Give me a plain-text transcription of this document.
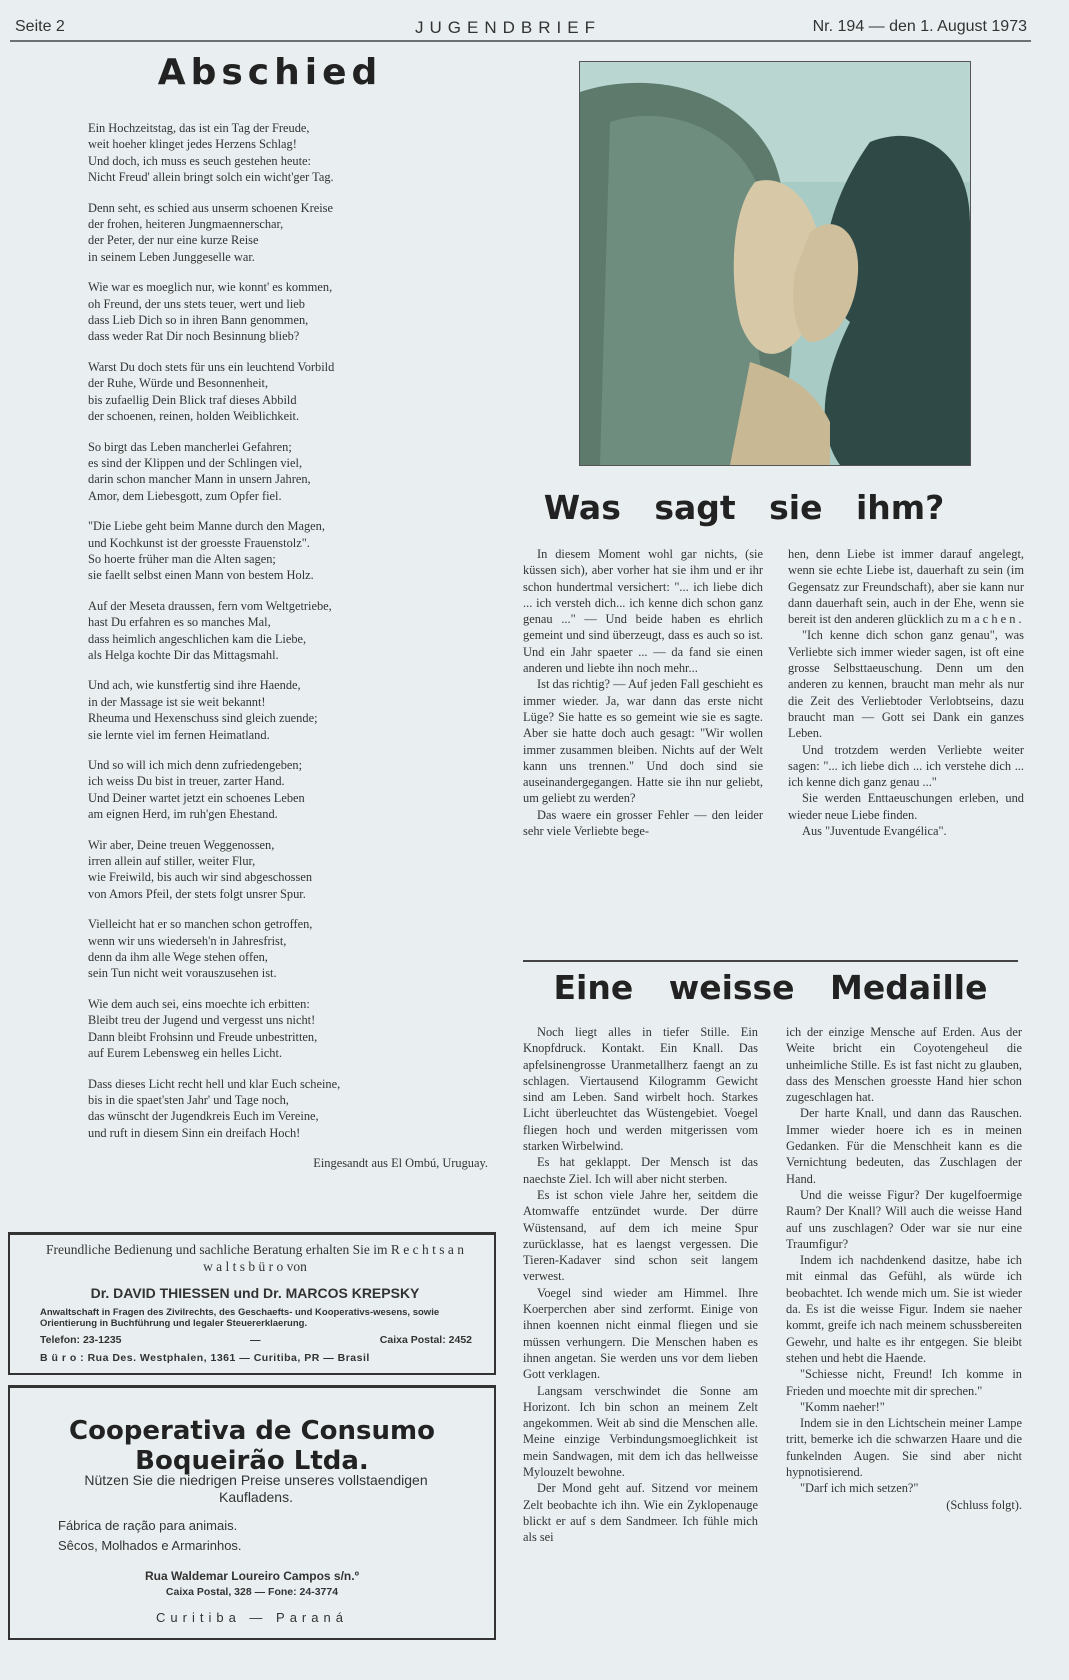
Seite 2	JUGENDBRIEF	Nr. 194 — den 1. August 1973
Abschied

Ein Hochzeitstag, das ist ein Tag der Freude,
weit hoeher klinget jedes Herzens Schlag!
Und doch, ich muss es seuch gestehen heute:
Nicht Freud' allein bringt solch ein wicht'ger Tag.

Denn seht, es schied aus unserm schoenen Kreise
der frohen, heiteren Jungmaennerschar,
der Peter, der nur eine kurze Reise
in seinem Leben Junggeselle war.

Wie war es moeglich nur, wie konnt' es kommen,
oh Freund, der uns stets teuer, wert und lieb
dass Lieb Dich so in ihren Bann genommen,
dass weder Rat Dir noch Besinnung blieb?

Warst Du doch stets für uns ein leuchtend Vorbild
der Ruhe, Würde und Besonnenheit,
bis zufaellig Dein Blick traf dieses Abbild
der schoenen, reinen, holden Weiblichkeit.

So birgt das Leben mancherlei Gefahren;
es sind der Klippen und der Schlingen viel,
darin schon mancher Mann in unsern Jahren,
Amor, dem Liebesgott, zum Opfer fiel.

"Die Liebe geht beim Manne durch den Magen,
und Kochkunst ist der groesste Frauenstolz".
So hoerte früher man die Alten sagen;
sie faellt selbst einen Mann von bestem Holz.

Auf der Meseta draussen, fern vom Weltgetriebe,
hast Du erfahren es so manches Mal,
dass heimlich angeschlichen kam die Liebe,
als Helga kochte Dir das Mittagsmahl.

Und ach, wie kunstfertig sind ihre Haende,
in der Massage ist sie weit bekannt!
Rheuma und Hexenschuss sind gleich zuende;
sie lernte viel im fernen Heimatland.

Und so will ich mich denn zufriedengeben;
ich weiss Du bist in treuer, zarter Hand.
Und Deiner wartet jetzt ein schoenes Leben
am eignen Herd, im ruh'gen Ehestand.

Wir aber, Deine treuen Weggenossen,
irren allein auf stiller, weiter Flur,
wie Freiwild, bis auch wir sind abgeschossen
von Amors Pfeil, der stets folgt unsrer Spur.

Vielleicht hat er so manchen schon getroffen,
wenn wir uns wiederseh'n in Jahresfrist,
denn da ihm alle Wege stehen offen,
sein Tun nicht weit vorauszusehen ist.

Wie dem auch sei, eins moechte ich erbitten:
Bleibt treu der Jugend und vergesst uns nicht!
Dann bleibt Frohsinn und Freude unbestritten,
auf Eurem Lebensweg ein helles Licht.

Dass dieses Licht recht hell und klar Euch scheine,
bis in die spaet'sten Jahr' und Tage noch,
das wünscht der Jugendkreis Euch im Vereine,
und ruft in diesem Sinn ein dreifach Hoch!

Eingesandt aus El Ombú, Uruguay.

Freundliche Bedienung und sachliche Beratung erhalten Sie im R e c h t s a n w a l t s b ü r o von
Dr. DAVID THIESSEN und Dr. MARCOS KREPSKY
Anwaltschaft in Fragen des Zivilrechts, des Geschaefts- und Kooperativs-wesens, sowie Orientierung in Buchführung und legaler Steuererklaerung.
Telefon: 23-1235	—	Caixa Postal: 2452
B ü r o : Rua Des. Westphalen, 1361 — Curitiba, PR — Brasil
Cooperativa de Consumo Boqueirão Ltda.
Nützen Sie die niedrigen Preise unseres vollstaendigen Kaufladens.
Fábrica de ração para animais.
Sêcos, Molhados e Armarinhos.
Rua Waldemar Loureiro Campos s/n.º
Caixa Postal, 328 — Fone: 24-3774
Curitiba — Paraná
Was sagt sie ihm?

In diesem Moment wohl gar nichts, (sie küssen sich), aber vorher hat sie ihm und er ihr schon hundertmal versichert: "... ich liebe dich ... ich versteh dich... ich kenne dich schon ganz genau ..." — Und beide haben es ehrlich gemeint und sind überzeugt, dass es auch so ist. Und ein Jahr spaeter ... — da fand sie einen anderen und liebte ihn noch mehr...

Ist das richtig? — Auf jeden Fall geschieht es immer wieder. Ja, war dann das erste nicht Lüge? Sie hatte es so gemeint wie sie es sagte. Aber sie hatte doch auch gesagt: "Wir wollen immer zusammen bleiben. Nichts auf der Welt kann uns trennen." Und doch sind sie auseinandergegangen. Hatte sie ihn nur geliebt, um geliebt zu werden?

Das waere ein grosser Fehler — den leider sehr viele Verliebte bege-

hen, denn Liebe ist immer darauf angelegt, wenn sie echte Liebe ist, dauerhaft zu sein (im Gegensatz zur Freundschaft), aber sie kann nur dann dauerhaft sein, auch in der Ehe, wenn sie bereit ist den anderen glücklich zu m a c h e n .

"Ich kenne dich schon ganz genau", was Verliebte sich immer wieder sagen, ist oft eine grosse Selbsttaeuschung. Denn um den anderen zu kennen, braucht man mehr als nur die Zeit des Verliebtoder Verlobtseins, dazu braucht man — Gott sei Dank ein ganzes Leben.

Und trotzdem werden Verliebte weiter sagen: "... ich liebe dich ... ich verstehe dich ... ich kenne dich ganz genau ..."

Sie werden Enttaeuschungen erleben, und wieder neue Liebe finden.

Aus "Juventude Evangélica".

Eine weisse Medaille

Noch liegt alles in tiefer Stille. Ein Knopfdruck. Kontakt. Ein Knall. Das apfelsinengrosse Uranmetallherz faengt an zu schlagen. Viertausend Kilogramm Gewicht sind am Leben. Sand wirbelt hoch. Starkes Licht überleuchtet das Wüstengebiet. Voegel fliegen hoch und werden mitgerissen vom starken Wirbelwind.

Es hat geklappt. Der Mensch ist das naechste Ziel. Ich will aber nicht sterben.

Es ist schon viele Jahre her, seitdem die Atomwaffe entzündet wurde. Der dürre Wüstensand, auf dem ich meine Spur zurücklasse, hat es laengst vergessen. Die Tieren-Kadaver sind schon seit langem verwest.

Voegel sind wieder am Himmel. Ihre Koerperchen aber sind zerformt. Einige von ihnen koennen nicht einmal fliegen und sie müssen verhungern. Die Menschen haben es ihnen angetan. Sie werden uns vor dem lieben Gott verklagen.

Langsam verschwindet die Sonne am Horizont. Ich bin schon an meinem Zelt angekommen. Weit ab sind die Menschen alle. Meine einzige Verbindungsmoeglichkeit ist mein Sandwagen, mit dem ich das hellweisse Mylouzelt bewohne.

Der Mond geht auf. Sitzend vor meinem Zelt beobachte ich ihn. Wie ein Zyklopenauge blickt er auf s dem Sandmeer. Ich fühle mich als sei

ich der einzige Mensche auf Erden. Aus der Weite bricht ein Coyotengeheul die unheimliche Stille. Es ist fast nicht zu glauben, dass des Menschen groesste Hand hier schon zugeschlagen hat.

Der harte Knall, und dann das Rauschen. Immer wieder hoere ich es in meinen Gedanken. Für die Menschheit kann es die Vernichtung bedeuten, das Zuschlagen der Hand.

Und die weisse Figur? Der kugelfoermige Raum? Der Knall? Will auch die weisse Hand auf uns zuschlagen? Oder war sie nur eine Traumfigur?

Indem ich nachdenkend dasitze, habe ich mit einmal das Gefühl, als würde ich beobachtet. Ich wende mich um. Sie ist wieder da. Es ist die weisse Figur. Indem sie naeher kommt, greife ich nach meinem schussbereiten Gewehr, und halte es ihr entgegen. Sie bleibt stehen und hebt die Haende.

"Schiesse nicht, Freund! Ich komme in Frieden und moechte mit dir sprechen."

"Komm naeher!"

Indem sie in den Lichtschein meiner Lampe tritt, bemerke ich die schwarzen Haare und die funkelnden Augen. Sie sind aber nicht hypnotisierend.

"Darf ich mich setzen?"

(Schluss folgt).
